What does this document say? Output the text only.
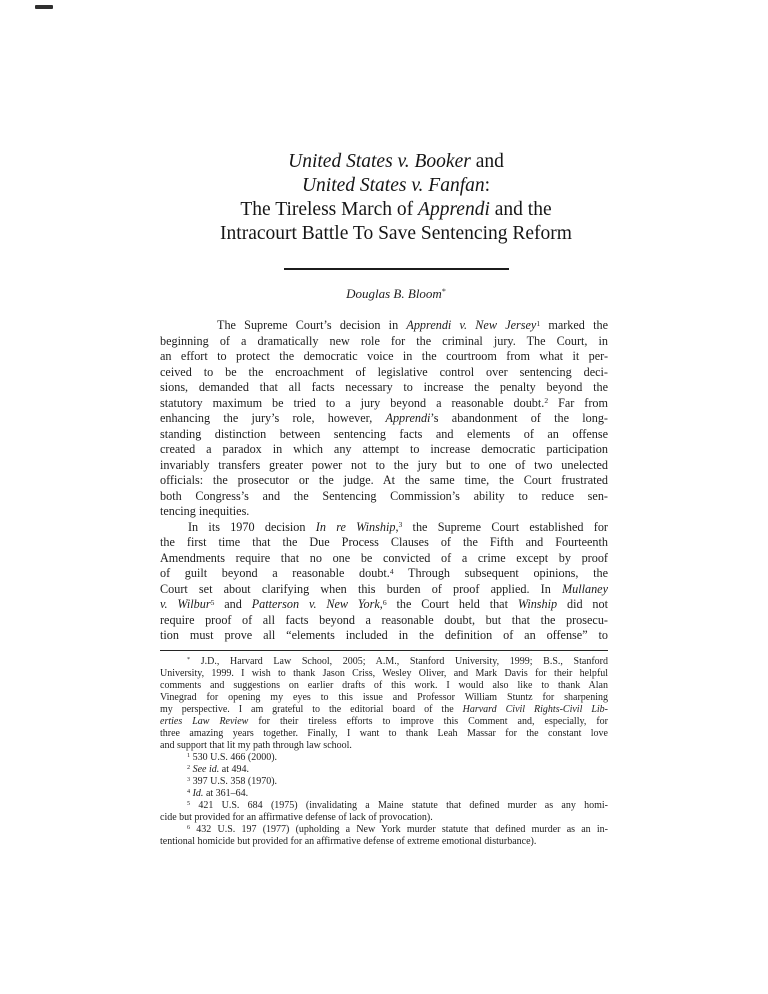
United States v. Booker and
United States v. Fanfan:
The Tireless March of Apprendi and the
Intracourt Battle To Save Sentencing Reform
Douglas B. Bloom*
The Supreme Court’s decision in Apprendi v. New Jersey$^1$ marked the
beginning of a dramatically new role for the criminal jury. The Court, in
an effort to protect the democratic voice in the courtroom from what it per-
ceived to be the encroachment of legislative control over sentencing deci-
sions, demanded that all facts necessary to increase the penalty beyond the
statutory maximum be tried to a jury beyond a reasonable doubt.$^2$ Far from
enhancing the jury’s role, however, Apprendi’s abandonment of the long-
standing distinction between sentencing facts and elements of an offense
created a paradox in which any attempt to increase democratic participation
invariably transfers greater power not to the jury but to one of two unelected
officials: the prosecutor or the judge. At the same time, the Court frustrated
both Congress’s and the Sentencing Commission’s ability to reduce sen-
tencing inequities.
In its 1970 decision In re Winship,$^3$ the Supreme Court established for
the first time that the Due Process Clauses of the Fifth and Fourteenth
Amendments require that no one be convicted of a crime except by proof
of guilt beyond a reasonable doubt.$^4$ Through subsequent opinions, the
Court set about clarifying when this burden of proof applied. In Mullaney
v. Wilbur$^5$ and Patterson v. New York,$^6$ the Court held that Winship did not
require proof of all facts beyond a reasonable doubt, but that the prosecu-
tion must prove all “elements included in the definition of an offense” to
* J.D., Harvard Law School, 2005; A.M., Stanford University, 1999; B.S., Stanford
University, 1999. I wish to thank Jason Criss, Wesley Oliver, and Mark Davis for their helpful
comments and suggestions on earlier drafts of this work. I would also like to thank Alan
Vinegrad for opening my eyes to this issue and Professor William Stuntz for sharpening
my perspective. I am grateful to the editorial board of the Harvard Civil Rights-Civil Lib-
erties Law Review for their tireless efforts to improve this Comment and, especially, for
three amazing years together. Finally, I want to thank Leah Massar for the constant love
and support that lit my path through law school.
$^1$ 530 U.S. 466 (2000).
$^2$ See id. at 494.
$^3$ 397 U.S. 358 (1970).
$^4$ Id. at 361–64.
$^5$ 421 U.S. 684 (1975) (invalidating a Maine statute that defined murder as any homi-
cide but provided for an affirmative defense of lack of provocation).
$^6$ 432 U.S. 197 (1977) (upholding a New York murder statute that defined murder as an in-
tentional homicide but provided for an affirmative defense of extreme emotional disturbance).
